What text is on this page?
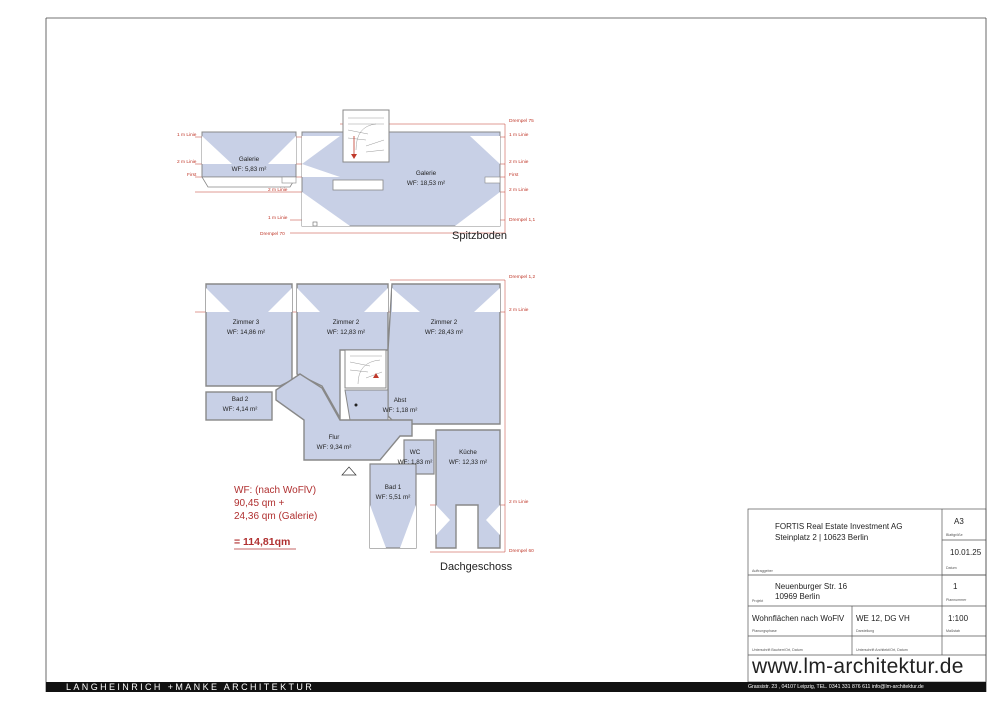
LANGHEINRICH +MANKE ARCHITEKTUR	Grassistr. 23 , 04107 Leipzig, TEL. 0341 331 876 611 info@lm-architektur.de
www.lm-architektur.de
Spitzboden
Galerie
WF: 5,83 m²
Galerie
WF: 18,53 m²
1 m Linie
2 m Linie
First
2 m Linie
1 m Linie
Drempel 70
Drempel 75
1 m Linie
2 m Linie
First
2 m Linie
Drempel 1,1
Dachgeschoss
Zimmer 3
WF: 14,86 m²
Zimmer 2
WF: 12,83 m²
Zimmer 2
WF: 28,43 m²
Bad 2
WF: 4,14 m²
Abst
WF: 1,18 m²
Flur
WF: 9,34 m²
WC
WF: 1,83 m²
Küche
WF: 12,33 m²
Bad 1
WF: 5,51 m²
Drempel 1,2
2 m Linie
2 m Linie
Drempel 60
WF: (nach WoFlV)
90,45 qm +
24,36 qm (Galerie)
= 114,81qm
FORTIS Real Estate Investment AG
Steinplatz 2 | 10623 Berlin
Auftraggeber
A3
Blattgröße
10.01.25
Datum
Neuenburger Str. 16
10969 Berlin
Projekt
1
Plannummer
Wohnflächen nach WoFlV
Planungsphase
WE 12, DG VH
Darstellung
1:100
Maßstab
Unterschrift Bauherr/Ort, Datum	Unterschrift Architekt/Ort, Datum
